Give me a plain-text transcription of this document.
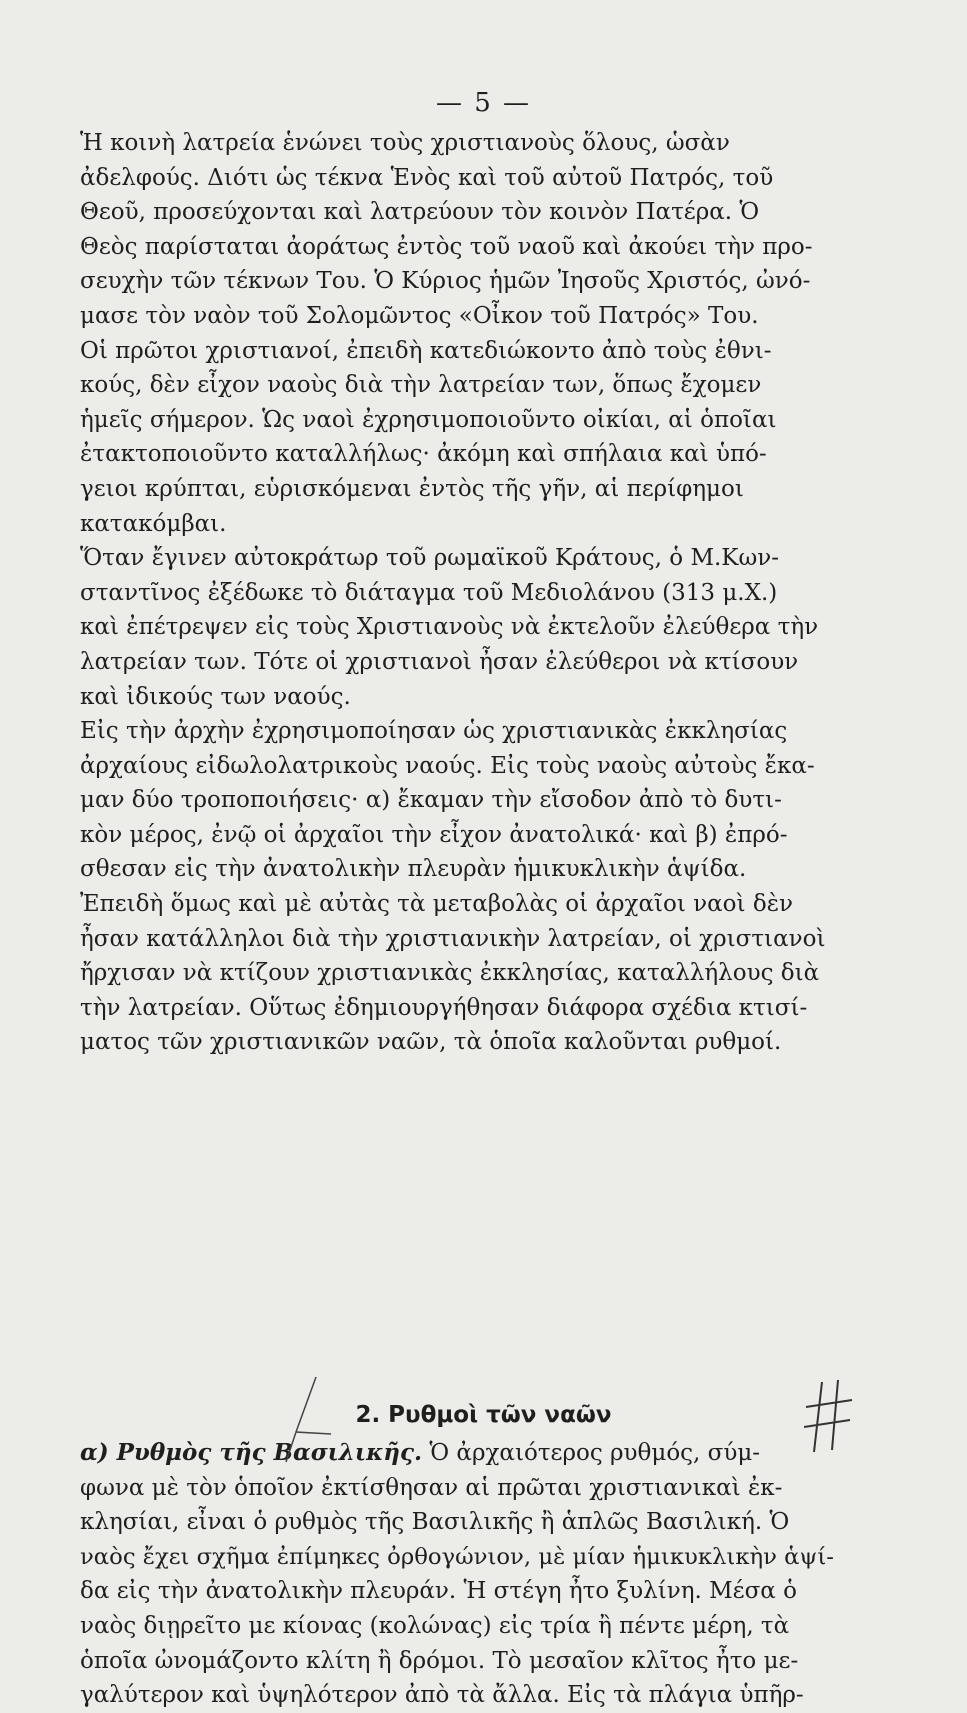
— 5 —
Ἡ κοινὴ λατρεία ἑνώνει τοὺς χριστιανοὺς ὅλους, ὡσὰν
ἀδελφούς. Διότι ὡς τέκνα Ἑνὸς καὶ τοῦ αὐτοῦ Πατρός, τοῦ
Θεοῦ, προσεύχονται καὶ λατρεύουν τὸν κοινὸν Πατέρα. Ὁ
Θεὸς παρίσταται ἀοράτως ἐντὸς τοῦ ναοῦ καὶ ἀκούει τὴν προ-
σευχὴν τῶν τέκνων Του. Ὁ Κύριος ἡμῶν Ἰησοῦς Χριστός, ὠνό-
μασε τὸν ναὸν τοῦ Σολομῶντος «Οἶκον τοῦ Πατρός» Του.
Οἱ πρῶτοι χριστιανοί, ἐπειδὴ κατεδιώκοντο ἀπὸ τοὺς ἐθνι-
κούς, δὲν εἶχον ναοὺς διὰ τὴν λατρείαν των, ὅπως ἔχομεν
ἡμεῖς σήμερον. Ὡς ναοὶ ἐχρησιμοποιοῦντο οἰκίαι, αἱ ὁποῖαι
ἐτακτοποιοῦντο καταλλήλως· ἀκόμη καὶ σπήλαια καὶ ὑπό-
γειοι κρύπται, εὑρισκόμεναι ἐντὸς τῆς γῆν, αἱ περίφημοι
κατακόμβαι.
Ὅταν ἔγινεν αὐτοκράτωρ τοῦ ρωμαϊκοῦ Κράτους, ὁ Μ.Κων-
σταντῖνος ἐξέδωκε τὸ διάταγμα τοῦ Μεδιολάνου (313 μ.Χ.)
καὶ ἐπέτρεψεν εἰς τοὺς Χριστιανοὺς νὰ ἐκτελοῦν ἐλεύθερα τὴν
λατρείαν των. Τότε οἱ χριστιανοὶ ἦσαν ἐλεύθεροι νὰ κτίσουν
καὶ ἰδικούς των ναούς.
Εἰς τὴν ἀρχὴν ἐχρησιμοποίησαν ὡς χριστιανικὰς ἐκκλησίας
ἀρχαίους εἰδωλολατρικοὺς ναούς. Εἰς τοὺς ναοὺς αὐτοὺς ἔκα-
μαν δύο τροποποιήσεις· α) ἔκαμαν τὴν εἴσοδον ἀπὸ τὸ δυτι-
κὸν μέρος, ἐνῷ οἱ ἀρχαῖοι τὴν εἶχον ἀνατολικά· καὶ β) ἐπρό-
σθεσαν εἰς τὴν ἀνατολικὴν πλευρὰν ἡμικυκλικὴν ἁψίδα.
Ἐπειδὴ ὅμως καὶ μὲ αὐτὰς τὰ μεταβολὰς οἱ ἀρχαῖοι ναοὶ δὲν
ἦσαν κατάλληλοι διὰ τὴν χριστιανικὴν λατρείαν, οἱ χριστιανοὶ
ἤρχισαν νὰ κτίζουν χριστιανικὰς ἐκκλησίας, καταλλήλους διὰ
τὴν λατρείαν. Οὕτως ἐδημιουργήθησαν διάφορα σχέδια κτισί-
ματος τῶν χριστιανικῶν ναῶν, τὰ ὁποῖα καλοῦνται ρυθμοί.
2. Ρυθμοὶ τῶν ναῶν
α) Ρυθμὸς τῆς Βασιλικῆς. Ὁ ἀρχαιότερος ρυθμός, σύμ-
φωνα μὲ τὸν ὁποῖον ἐκτίσθησαν αἱ πρῶται χριστιανικαὶ ἐκ-
κλησίαι, εἶναι ὁ ρυθμὸς τῆς Βασιλικῆς ἢ ἁπλῶς Βασιλική. Ὁ
ναὸς ἔχει σχῆμα ἐπίμηκες ὀρθογώνιον, μὲ μίαν ἡμικυκλικὴν ἁψί-
δα εἰς τὴν ἀνατολικὴν πλευράν. Ἡ στέγη ἦτο ξυλίνη. Μέσα ὁ
ναὸς διῃρεῖτο με κίονας (κολώνας) εἰς τρία ἢ πέντε μέρη, τὰ
ὁποῖα ὠνομάζοντο κλίτη ἢ δρόμοι. Τὸ μεσαῖον κλῖτος ἦτο με-
γαλύτερον καὶ ὑψηλότερον ἀπὸ τὰ ἄλλα. Εἰς τὰ πλάγια ὑπῆρ-
